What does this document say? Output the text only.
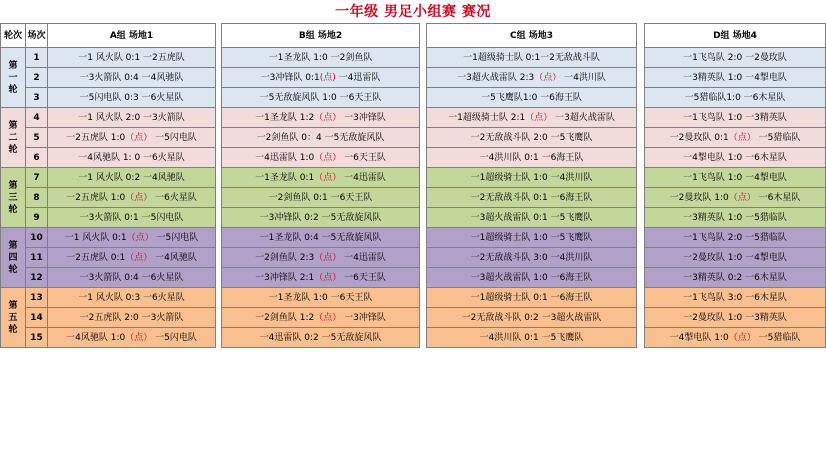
一年级 男足小组赛 赛况
轮次	场次	A组 场地1		B组 场地2		C组 场地3		D组 场地4
第一轮	1	一1 风火队 0:1 一2五虎队		一1圣龙队 1:0 一2剑鱼队		一1超级骑士队 0:1一2无敌战斗队		一1飞鸟队 2:0 一2曼玫队
	2	一3火箭队 0:4 一4风驰队		一3冲锋队 0:1(点) 一4迅雷队		一3超火战雷队 2:3（点） 一4洪川队		一3精英队 1:0 一4掣电队
	3	一5闪电队 0:3 一6火星队		一5无敌旋风队 1:0 一6天王队		一5飞鹰队1:0 一6海王队		一5猎临队1:0 一6木星队
第二轮	4	一1 风火队 2:0 一3火箭队		一1圣龙队 1:2（点） 一3冲锋队		一1超级骑士队 2:1（点） 一3超火战雷队		一1飞鸟队 1:0 一3精英队
	5	一2五虎队 1:0（点） 一5闪电队		一2剑鱼队 0：4 一5无敌旋风队		一2无敌战斗队 2:0 一5飞鹰队		一2曼玫队 0:1（点） 一5猎临队
	6	一4风驰队 1: 0 一6火星队		一4迅雷队 1:0（点） 一6天王队		一4洪川队 0:1 一6海王队		一4掣电队 1:0 一6木星队
第三轮	7	一1 风火队 0:2 一4风驰队		一1圣龙队 0:1（点） 一4迅雷队		一1超级骑士队 1:0 一4洪川队		一1飞鸟队 1:0 一4掣电队
	8	一2五虎队 1:0（点） 一6火星队		一2剑鱼队 0:1 一6天王队		一2无敌战斗队 0:1 一6海王队		一2曼玫队 1:0（点） 一6木星队
	9	一3火箭队 0:1 一5闪电队		一3冲锋队 0:2 一5无敌旋风队		一3超火战雷队 0:1 一5飞鹰队		一3精英队 1:0 一5猎临队
第四轮	10	一1 风火队 0:1（点） 一5闪电队		一1圣龙队 0:4 一5无敌旋风队		一1超级骑士队 1:0 一5飞鹰队		一1飞鸟队 2:0 一5猎临队
	11	一2五虎队 0:1（点） 一4风驰队		一2剑鱼队 2:3（点） 一4迅雷队		一2无敌战斗队 3:0 一4洪川队		一2曼玫队 1:0 一4掣电队
	12	一3火箭队 0:4 一6火星队		一3冲锋队 2:1（点） 一6天王队		一3超火战雷队 1:0 一6海王队		一3精英队 0:2 一6木星队
第五轮	13	一1 风火队 0:3 一6火星队		一1圣龙队 1:0 一6天王队		一1超级骑士队 0:1 一6海王队		一1飞鸟队 3:0 一6木星队
	14	一2五虎队 2:0 一3火箭队		一2剑鱼队 1:2（点） 一3冲锋队		一2无敌战斗队 0:2 一3超火战雷队		一2曼玫队 1:0 一3精英队
	15	一4风驰队 1:0（点） 一5闪电队		一4迅雷队 0:2 一5无敌旋风队		一4洪川队 0:1 一5飞鹰队		一4掣电队 1:0（点） 一5猎临队
